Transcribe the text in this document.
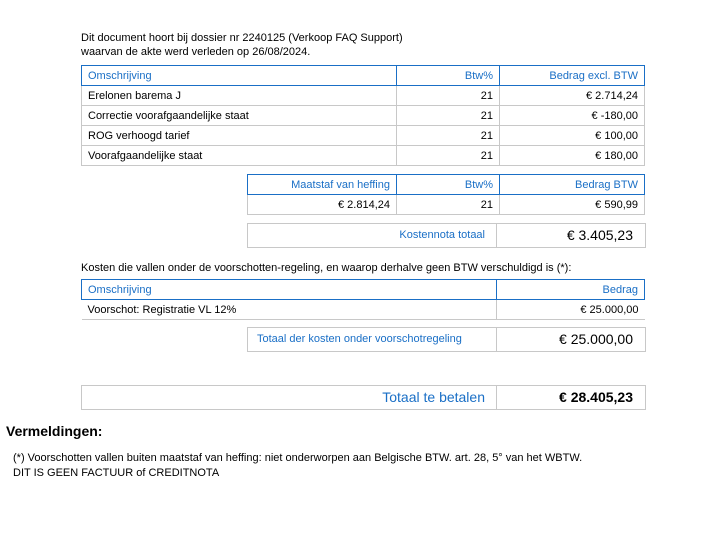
Dit document hoort bij dossier nr 2240125 (Verkoop FAQ Support)
waarvan de akte werd verleden op 26/08/2024.
Omschrijving	Btw%	Bedrag excl. BTW
Erelonen barema J	21	€ 2.714,24
Correctie voorafgaandelijke staat	21	€ -180,00
ROG verhoogd tarief	21	€ 100,00
Voorafgaandelijke staat	21	€ 180,00
Maatstaf van heffing	Btw%	Bedrag BTW
€ 2.814,24	21	€ 590,99
Kostennota totaal	€ 3.405,23
Kosten die vallen onder de voorschotten-regeling, en waarop derhalve geen BTW verschuldigd is (*):
Omschrijving	Bedrag
Voorschot: Registratie VL 12%	€ 25.000,00
Totaal der kosten onder voorschotregeling	€ 25.000,00
Totaal te betalen	€ 28.405,23
Vermeldingen:
(*) Voorschotten vallen buiten maatstaf van heffing: niet onderworpen aan Belgische BTW. art. 28, 5° van het WBTW.
DIT IS GEEN FACTUUR of CREDITNOTA
